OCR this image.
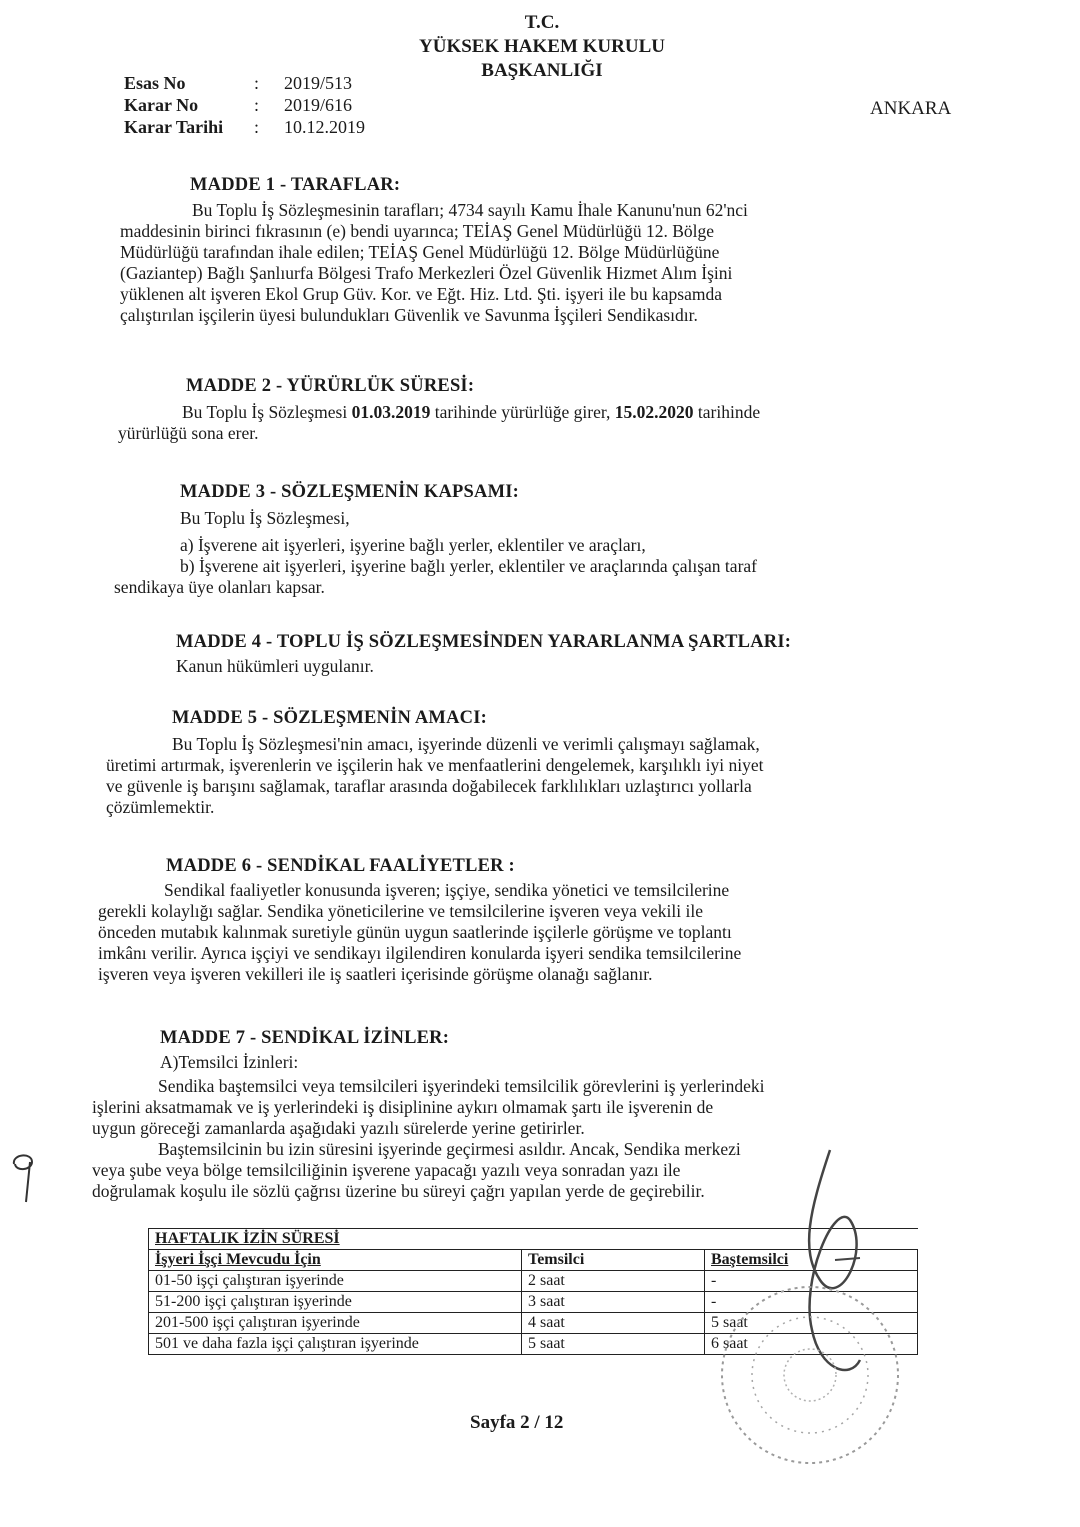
T.C.
YÜKSEK HAKEM KURULU
BAŞKANLIĞI
ANKARA
Esas No	: 2019/513
Karar No	: 2019/616
Karar Tarihi : 10.12.2019
MADDE 1 - TARAFLAR:
Bu Toplu İş Sözleşmesinin tarafları; 4734 sayılı Kamu İhale Kanunu'nun 62'nci
maddesinin birinci fıkrasının (e) bendi uyarınca; TEİAŞ Genel Müdürlüğü 12. Bölge
Müdürlüğü tarafından ihale edilen; TEİAŞ Genel Müdürlüğü 12. Bölge Müdürlüğüne
(Gaziantep) Bağlı Şanlıurfa Bölgesi Trafo Merkezleri Özel Güvenlik Hizmet Alım İşini
yüklenen alt işveren Ekol Grup Güv. Kor. ve Eğt. Hiz. Ltd. Şti. işyeri ile bu kapsamda
çalıştırılan işçilerin üyesi bulundukları Güvenlik ve Savunma İşçileri Sendikasıdır.
MADDE 2 - YÜRÜRLÜK SÜRESİ:
Bu Toplu İş Sözleşmesi 01.03.2019 tarihinde yürürlüğe girer, 15.02.2020 tarihinde
yürürlüğü sona erer.
MADDE 3 - SÖZLEŞMENİN KAPSAMI:
Bu Toplu İş Sözleşmesi,
a) İşverene ait işyerleri, işyerine bağlı yerler, eklentiler ve araçları,
b) İşverene ait işyerleri, işyerine bağlı yerler, eklentiler ve araçlarında çalışan taraf
sendikaya üye olanları kapsar.
MADDE 4 - TOPLU İŞ SÖZLEŞMESİNDEN YARARLANMA ŞARTLARI:
Kanun hükümleri uygulanır.
MADDE 5 - SÖZLEŞMENİN AMACI:
Bu Toplu İş Sözleşmesi'nin amacı, işyerinde düzenli ve verimli çalışmayı sağlamak,
üretimi artırmak, işverenlerin ve işçilerin hak ve menfaatlerini dengelemek, karşılıklı iyi niyet
ve güvenle iş barışını sağlamak, taraflar arasında doğabilecek farklılıkları uzlaştırıcı yollarla
çözümlemektir.
MADDE 6 - SENDİKAL FAALİYETLER :
Sendikal faaliyetler konusunda işveren; işçiye, sendika yönetici ve temsilcilerine
gerekli kolaylığı sağlar. Sendika yöneticilerine ve temsilcilerine işveren veya vekili ile
önceden mutabık kalınmak suretiyle günün uygun saatlerinde işçilerle görüşme ve toplantı
imkânı verilir. Ayrıca işçiyi ve sendikayı ilgilendiren konularda işyeri sendika temsilcilerine
işveren veya işveren vekilleri ile iş saatleri içerisinde görüşme olanağı sağlanır.
MADDE 7 - SENDİKAL İZİNLER:
A)Temsilci İzinleri:
Sendika baştemsilci veya temsilcileri işyerindeki temsilcilik görevlerini iş yerlerindeki
işlerini aksatmamak ve iş yerlerindeki iş disiplinine aykırı olmamak şartı ile işverenin de
uygun göreceği zamanlarda aşağıdaki yazılı sürelerde yerine getirirler.
Baştemsilcinin bu izin süresini işyerinde geçirmesi asıldır. Ancak, Sendika merkezi
veya şube veya bölge temsilciliğinin işverene yapacağı yazılı veya sonradan yazı ile
doğrulamak koşulu ile sözlü çağrısı üzerine bu süreyi çağrı yapılan yerde de geçirebilir.
HAFTALIK İZİN SÜRESİ		
İşyeri İşçi Mevcudu İçin	Temsilci	Baştemsilci
01-50 işçi çalıştıran işyerinde	2 saat	-
51-200 işçi çalıştıran işyerinde	3 saat	-
201-500 işçi çalıştıran işyerinde	4 saat	5 saat
501 ve daha fazla işçi çalıştıran işyerinde	5 saat	6 saat
Sayfa 2 / 12
